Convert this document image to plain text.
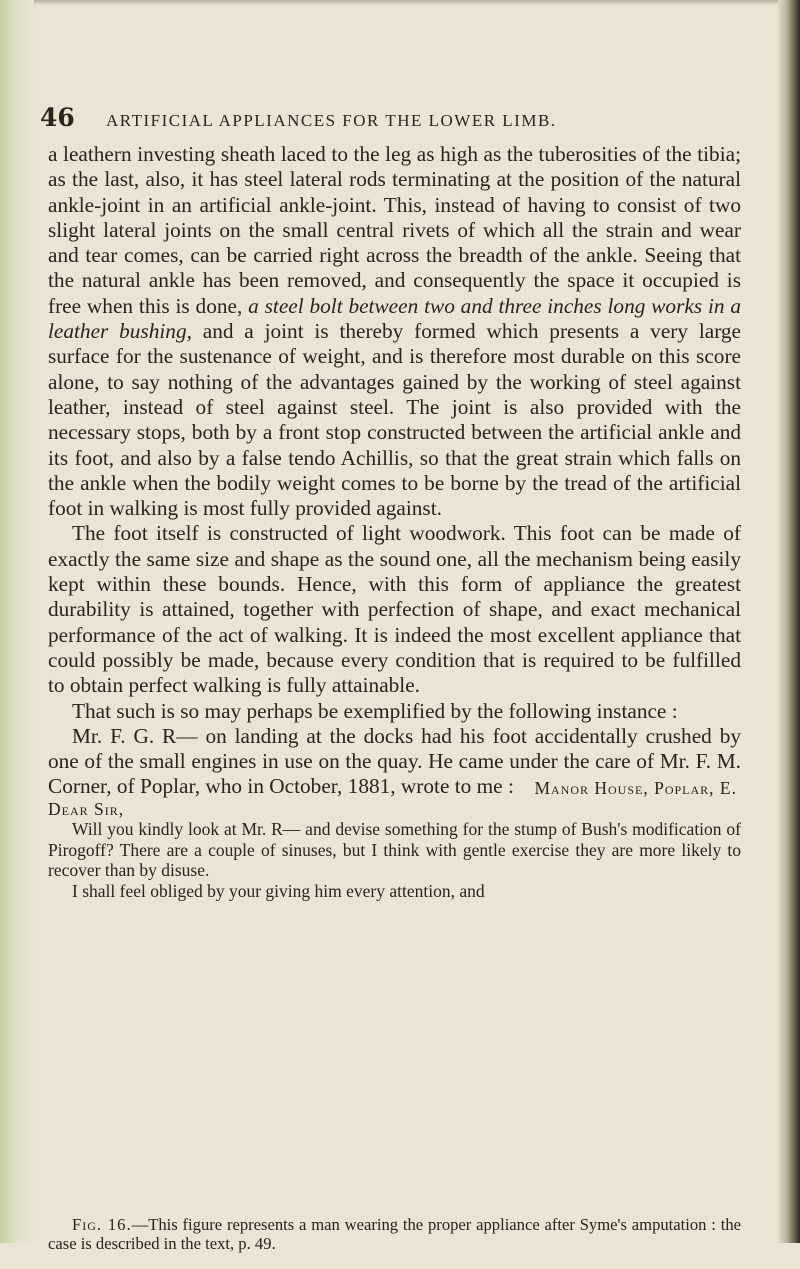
46	ARTIFICIAL APPLIANCES FOR THE LOWER LIMB.

a leathern investing sheath laced to the leg as high as the tuberosities of the tibia; as the last, also, it has steel lateral rods terminating at the position of the natural ankle-joint in an artificial ankle-joint. This, instead of having to consist of two slight lateral joints on the small central rivets of which all the strain and wear and tear comes, can be carried right across the breadth of the ankle. Seeing that the natural ankle has been removed, and consequently the space it occupied is free when this is done, a steel bolt between two and three inches long works in a leather bushing, and a joint is thereby formed which presents a very large surface for the sustenance of weight, and is therefore most durable on this score alone, to say nothing of the advantages gained by the working of steel against leather, instead of steel against steel. The joint is also provided with the necessary stops, both by a front stop constructed between the artificial ankle and its foot, and also by a false tendo Achillis, so that the great strain which falls on the ankle when the bodily weight comes to be borne by the tread of the artificial foot in walking is most fully provided against.

The foot itself is constructed of light woodwork. This foot can be made of exactly the same size and shape as the sound one, all the mechanism being easily kept within these bounds. Hence, with this form of appliance the greatest durability is attained, together with perfection of shape, and exact mechanical performance of the act of walking. It is indeed the most excellent appliance that could possibly be made, because every condition that is required to be fulfilled to obtain perfect walking is fully attainable.

That such is so may perhaps be exemplified by the following instance :

Mr. F. G. R— on landing at the docks had his foot accidentally crushed by one of the small engines in use on the quay. He came under the care of Mr. F. M. Corner, of Poplar, who in October, 1881, wrote to me :	Manor House, Poplar, E.

Dear Sir,

Will you kindly look at Mr. R— and devise something for the stump of Bush's modification of Pirogoff? There are a couple of sinuses, but I think with gentle exercise they are more likely to recover than by disuse.

I shall feel obliged by your giving him every attention, and

Fig. 16.—This figure represents a man wearing the proper appliance after Syme's amputation : the case is described in the text, p. 49.
